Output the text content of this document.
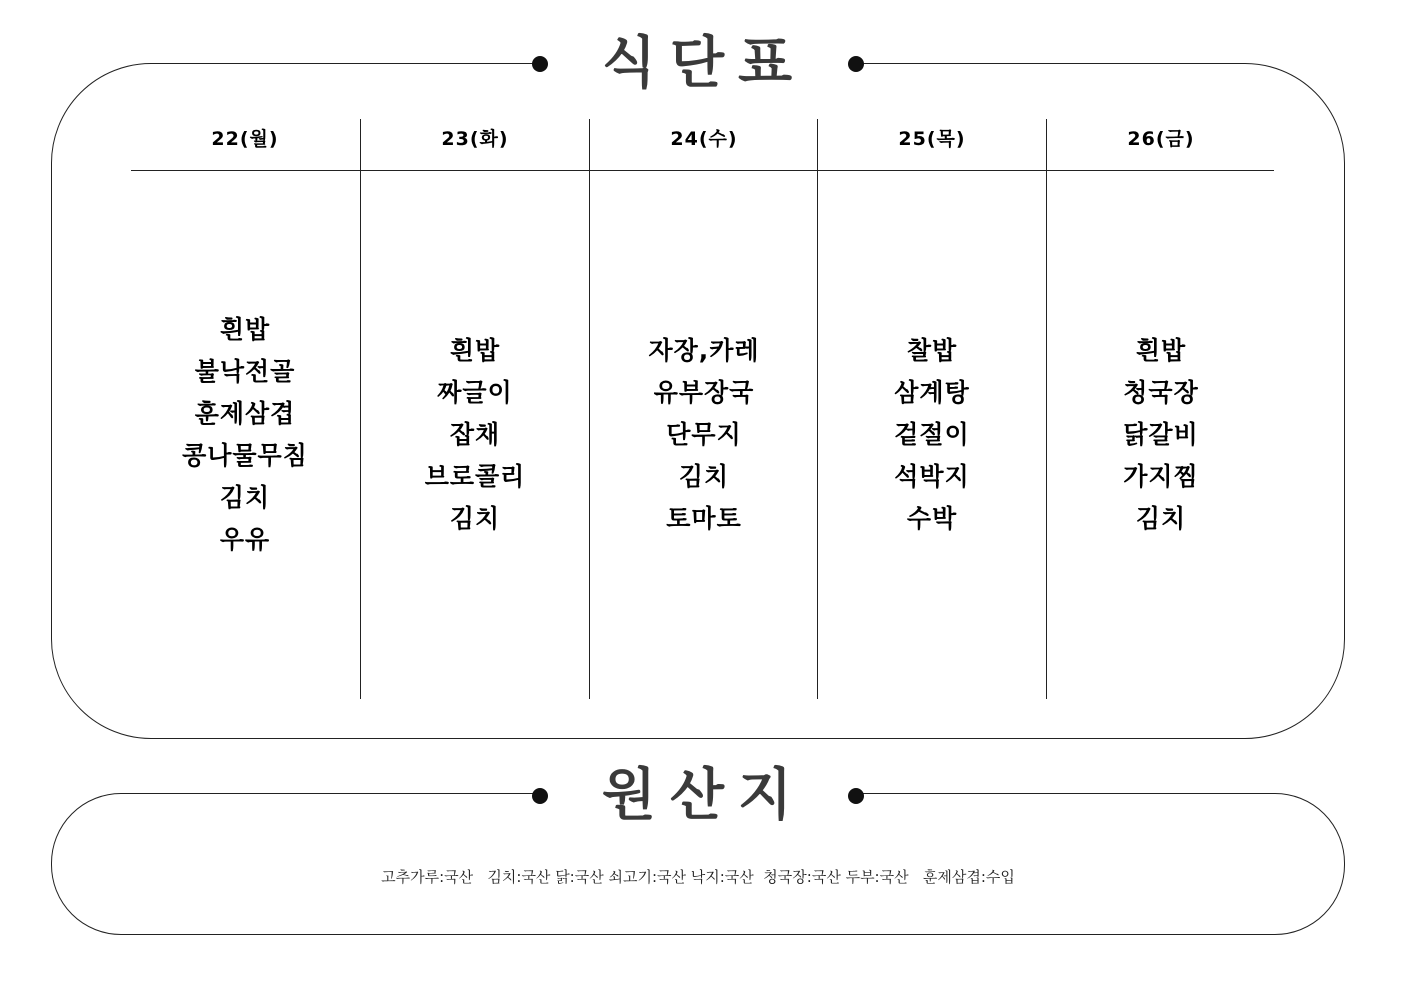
식단표
22(월)
흰밥
불낙전골
훈제삼겹
콩나물무침
김치
우유
23(화)
흰밥
짜글이
잡채
브로콜리
김치
24(수)
자장,카레
유부장국
단무지
김치
토마토
25(목)
찰밥
삼계탕
겉절이
석박지
수박
26(금)
흰밥
청국장
닭갈비
가지찜
김치
원산지
고추가루:국산   김치:국산 닭:국산 쇠고기:국산 낙지:국산  청국장:국산 두부:국산   훈제삼겹:수입
